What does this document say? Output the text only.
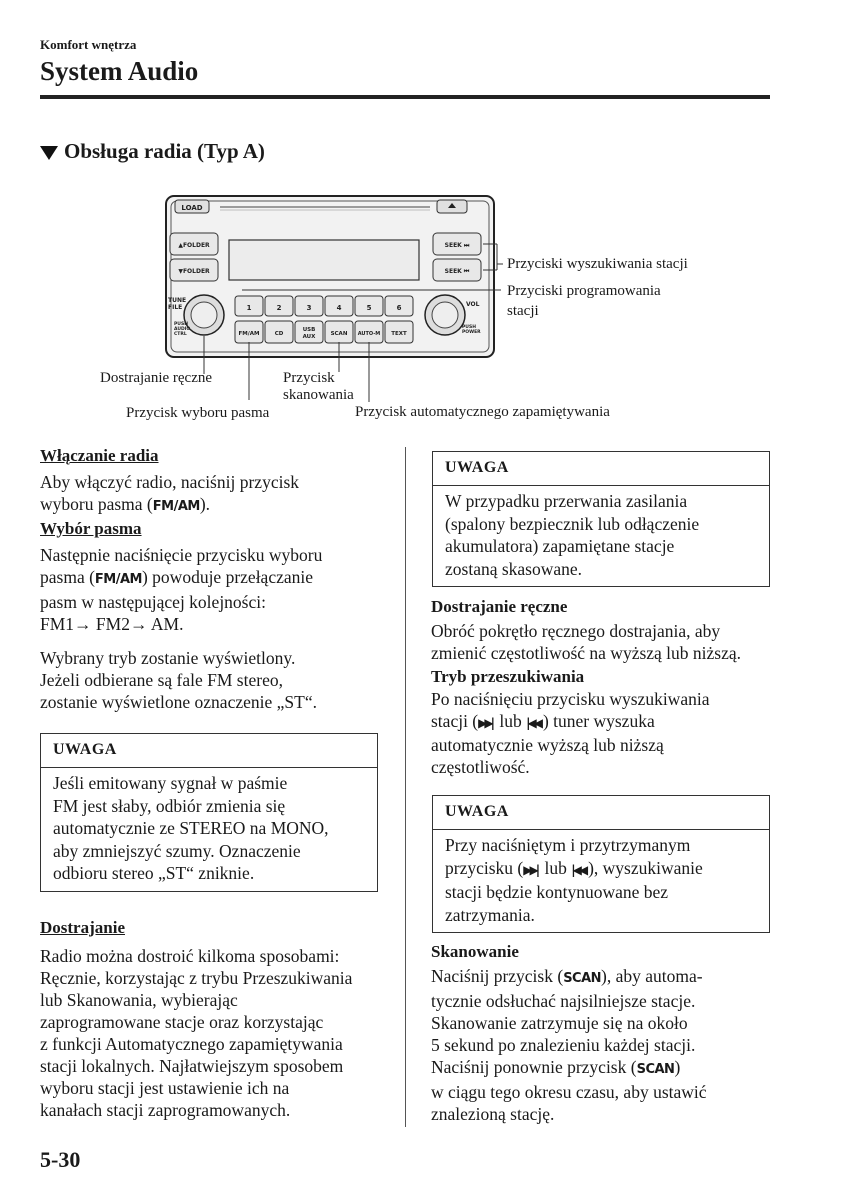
Komfort wnętrza
System Audio
Obsługa radia (Typ A)
LOAD
▲FOLDER
▼FOLDER
SEEK ⏭
SEEK ⏮
TUNE
FILE
PUSH
AUDIO
CTRL
VOL
PUSH
POWER
1	2	3	4	5	6
FM/AM	CD
USB
AUX	SCAN AUTO-M TEXT
Przyciski wyszukiwania stacji
Przyciski programowania
stacji
Dostrajanie ręczne	Przycisk
skanowania
Przycisk wyboru pasma	Przycisk automatycznego zapamiętywania

Włączanie radia

Aby włączyć radio, naciśnij przycisk

wyboru pasma (FM/AM).

Wybór pasma

Następnie naciśnięcie przycisku wyboru

pasma (FM/AM) powoduje przełączanie

pasm w następującej kolejności:

FM1→ FM2→ AM.

Wybrany tryb zostanie wyświetlony.

Jeżeli odbierane są fale FM stereo,

zostanie wyświetlone oznaczenie „ST“.

UWAGA
Jeśli emitowany sygnał w paśmie
FM jest słaby, odbiór zmienia się
automatycznie ze STEREO na MONO,
aby zmniejszyć szumy. Oznaczenie
odbioru stereo „ST“ zniknie.

Dostrajanie

Radio można dostroić kilkoma sposobami:

Ręcznie, korzystając z trybu Przeszukiwania

lub Skanowania, wybierając

zaprogramowane stacje oraz korzystając

z funkcji Automatycznego zapamiętywania

stacji lokalnych. Najłatwiejszym sposobem

wyboru stacji jest ustawienie ich na

kanałach stacji zaprogramowanych.

UWAGA
W przypadku przerwania zasilania
(spalony bezpiecznik lub odłączenie
akumulatora) zapamiętane stacje
zostaną skasowane.

Dostrajanie ręczne

Obróć pokrętło ręcznego dostrajania, aby

zmienić częstotliwość na wyższą lub niższą.

Tryb przeszukiwania

Po naciśnięciu przycisku wyszukiwania

stacji (▶▶| lub |◀◀ ) tuner wyszuka

automatycznie wyższą lub niższą

częstotliwość.

UWAGA
Przy naciśniętym i przytrzymanym
przycisku (▶▶| lub |◀◀ ), wyszukiwanie
stacji będzie kontynuowane bez
zatrzymania.

Skanowanie

Naciśnij przycisk (SCAN), aby automa-

tycznie odsłuchać najsilniejsze stacje.

Skanowanie zatrzymuje się na około

5 sekund po znalezieniu każdej stacji.

Naciśnij ponownie przycisk (SCAN)

w ciągu tego okresu czasu, aby ustawić

znalezioną stację.

5-30
